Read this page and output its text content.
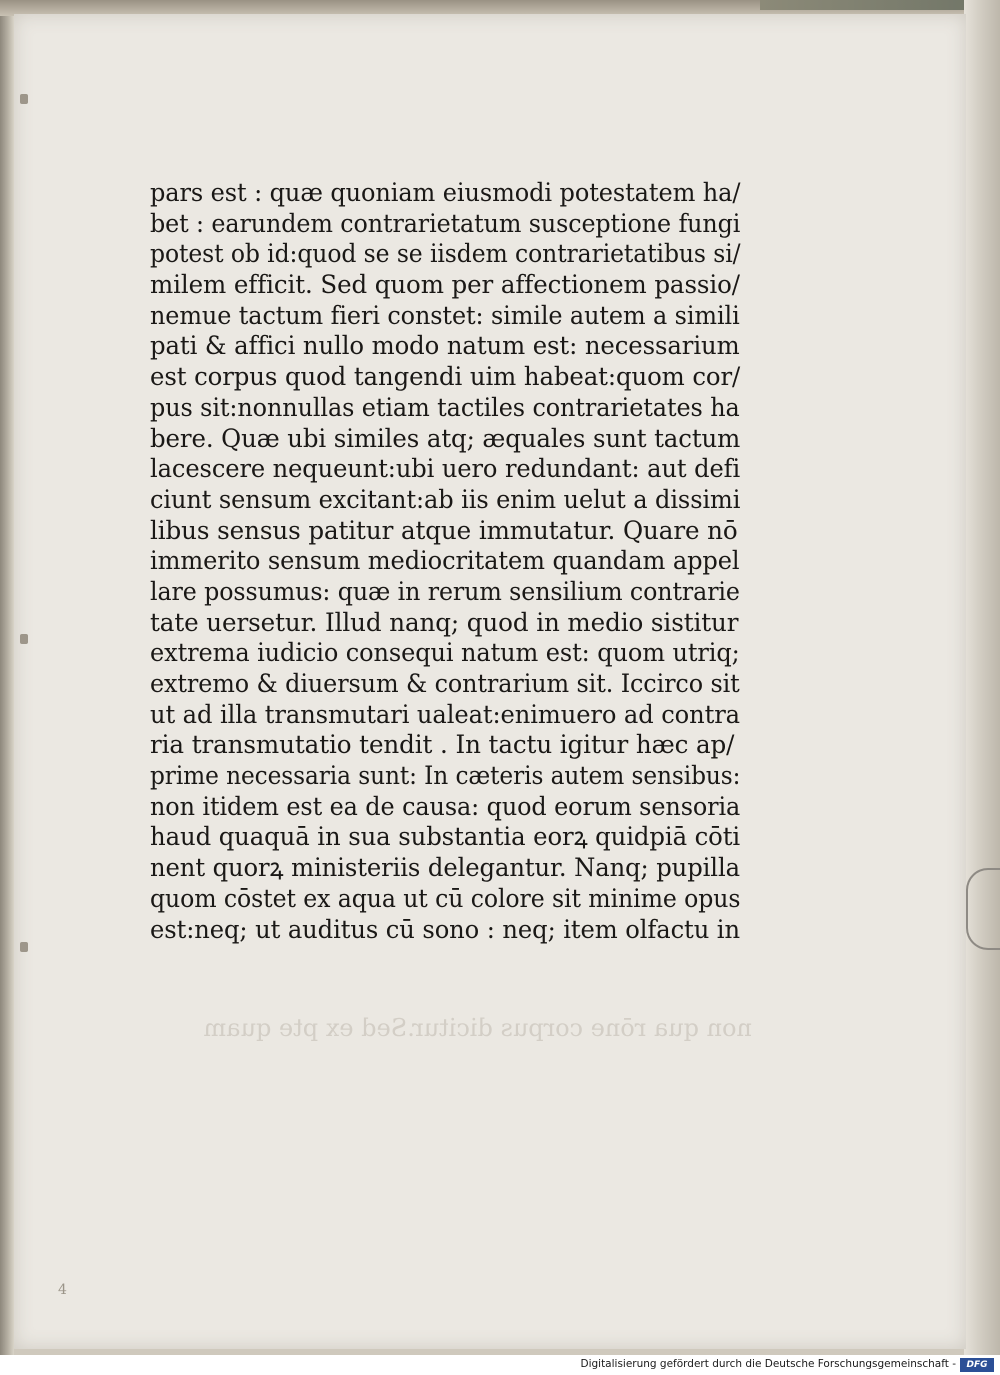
pars est : quæ quoniam eiusmodi potestatem ha/
bet : earundem contrarietatum susceptione fungi
potest ob id:quod se se iisdem contrarietatibus si/
milem efficit. Sed quom per affectionem passio/
nemue tactum fieri constet: simile autem a simili
pati & affici nullo modo natum est: necessarium
est corpus quod tangendi uim habeat:quom cor/
pus sit:nonnullas etiam tactiles contrarietates ha
bere. Quæ ubi similes atq; æquales sunt tactum
lacescere nequeunt:ubi uero redundant: aut defi
ciunt sensum excitant:ab iis enim uelut a dissimi
libus sensus patitur atque immutatur. Quare nō
immerito sensum mediocritatem quandam appel
lare possumus: quæ in rerum sensilium contrarie
tate uersetur. Illud nanq; quod in medio sistitur
extrema iudicio consequi natum est: quom utriq;
extremo & diuersum & contrarium sit. Iccirco sit
ut ad illa transmutari ualeat:enimuero ad contra
ria transmutatio tendit . In tactu igitur hæc ap/
prime necessaria sunt: In cæteris autem sensibus:
non itidem est ea de causa: quod eorum sensoria
haud quaquā in sua substantia eorꝝ quidpiā cōti
nent quorꝝ ministeriis delegantur. Nanq; pupilla
quom cōstet ex aqua ut cū colore sit minime opus
est:neq; ut auditus cū sono : neq; item olfactu in
non qua rōne corpus dicitur.Sed ex pte quam
4
Digitalisierung gefördert durch die Deutsche Forschungsgemeinschaft -	DFG
